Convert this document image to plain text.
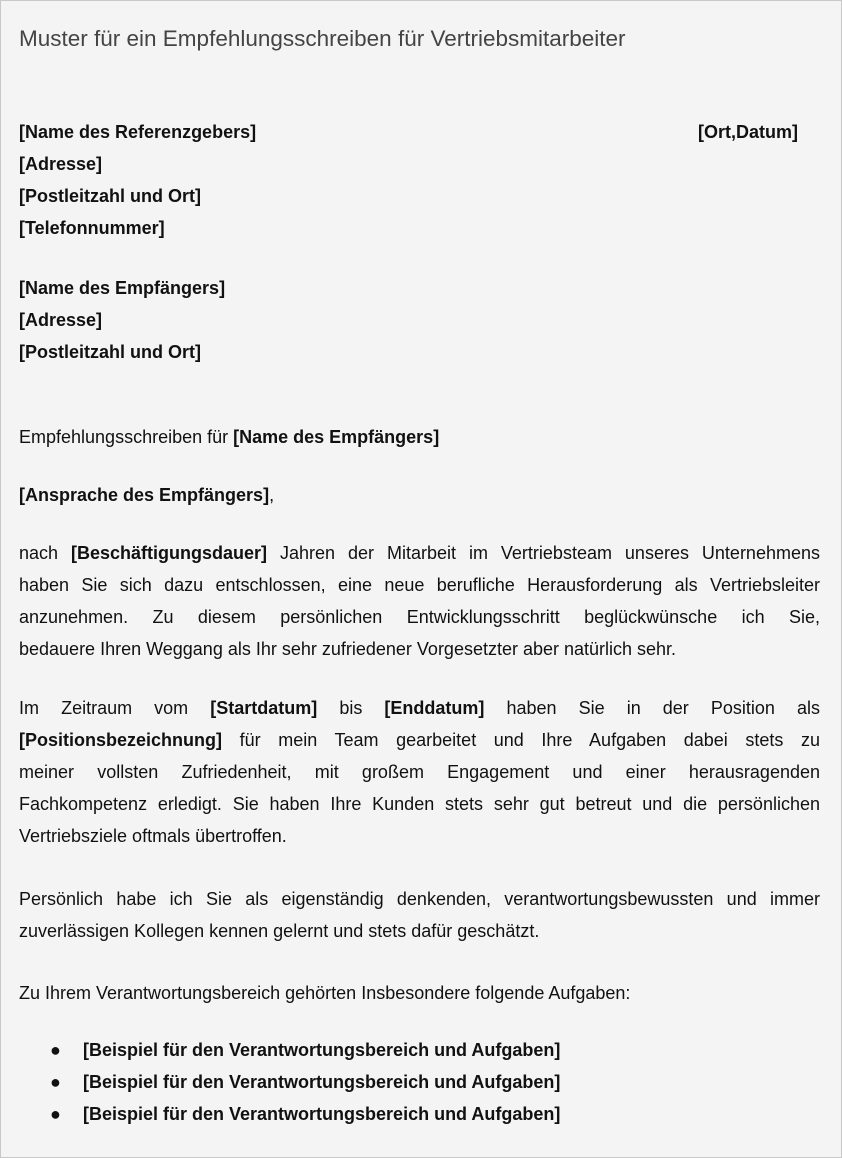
Muster für ein Empfehlungsschreiben für Vertriebsmitarbeiter
[Name des Referenzgebers]
[Adresse]
[Postleitzahl und Ort]
[Telefonnummer]
[Ort,Datum]
[Name des Empfängers]
[Adresse]
[Postleitzahl und Ort]
Empfehlungsschreiben für [Name des Empfängers]
[Ansprache des Empfängers],
nach [Beschäftigungsdauer] Jahren der Mitarbeit im Vertriebsteam unseres Unternehmens
haben Sie sich dazu entschlossen, eine neue berufliche Herausforderung als Vertriebsleiter
anzunehmen. Zu diesem persönlichen Entwicklungsschritt beglückwünsche ich Sie,
bedauere Ihren Weggang als Ihr sehr zufriedener Vorgesetzter aber natürlich sehr.
Im Zeitraum vom [Startdatum] bis [Enddatum] haben Sie in der Position als
[Positionsbezeichnung] für mein Team gearbeitet und Ihre Aufgaben dabei stets zu
meiner vollsten Zufriedenheit, mit großem Engagement und einer herausragenden
Fachkompetenz erledigt. Sie haben Ihre Kunden stets sehr gut betreut und die persönlichen
Vertriebsziele oftmals übertroffen.
Persönlich habe ich Sie als eigenständig denkenden, verantwortungsbewussten und immer
zuverlässigen Kollegen kennen gelernt und stets dafür geschätzt.
Zu Ihrem Verantwortungsbereich gehörten Insbesondere folgende Aufgaben:
●	[Beispiel für den Verantwortungsbereich und Aufgaben]
●	[Beispiel für den Verantwortungsbereich und Aufgaben]
●	[Beispiel für den Verantwortungsbereich und Aufgaben]
